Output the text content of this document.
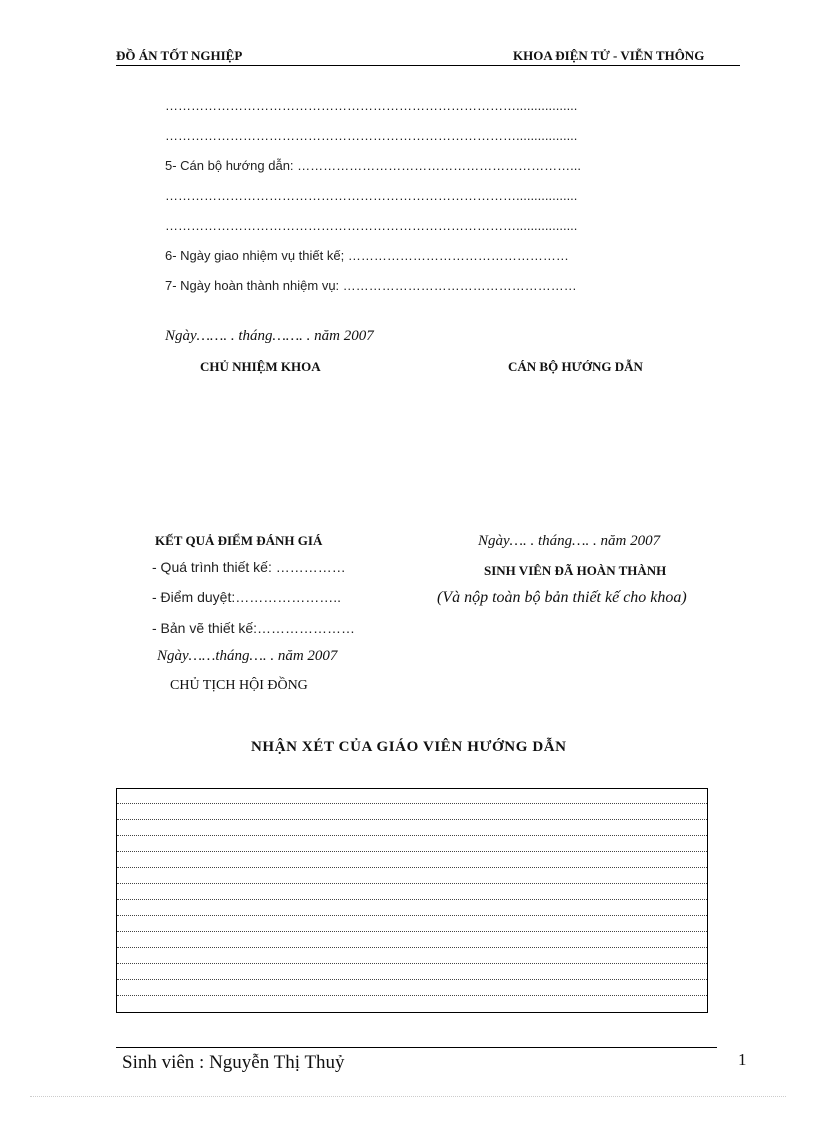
ĐỒ ÁN TỐT NGHIỆP	KHOA ĐIỆN TỬ - VIỄN THÔNG
……………………………………………………………………….................
……………………………………………………………………….................
5- Cán bộ hướng dẫn: ………………………………………………………...
……………………………………………………………………….................
……………………………………………………………………….................
6- Ngày giao nhiệm vụ thiết kế; ……………………………………………
7- Ngày hoàn thành nhiệm vụ: ………………………………………………
Ngày……. . tháng……. . năm 2007
CHỦ NHIỆM KHOA	CÁN BỘ HƯỚNG DẪN
KẾT QUẢ ĐIỂM ĐÁNH GIÁ
- Quá trình thiết kế: ……………
- Điểm duyệt:…………………..
- Bản vẽ thiết kế:…………………
Ngày……tháng…. . năm 2007
CHỦ TỊCH HỘI ĐỒNG
Ngày…. . tháng…. . năm 2007
SINH VIÊN ĐÃ HOÀN THÀNH
(Và nộp toàn bộ bản thiết kế cho khoa)
NHẬN XÉT CỦA GIÁO VIÊN HƯỚNG DẪN
Sinh viên : Nguyễn Thị Thuỷ	1
